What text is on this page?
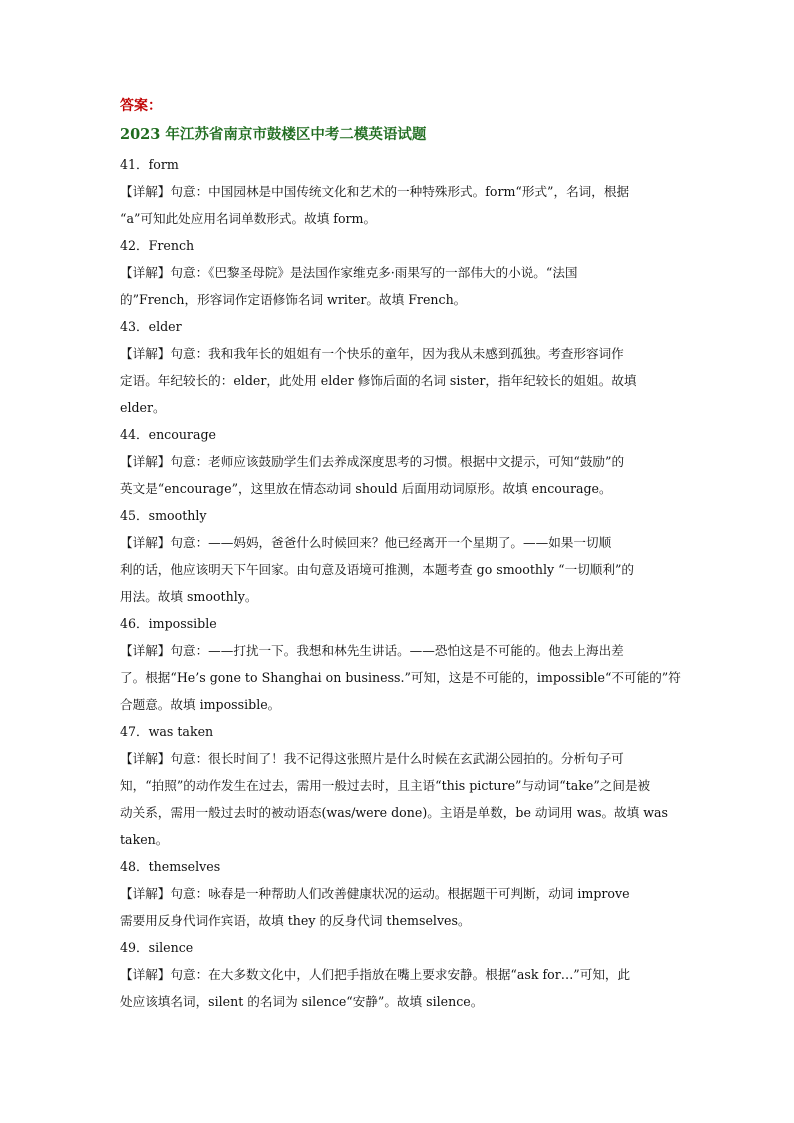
答案：
2023 年江苏省南京市鼓楼区中考二模英语试题
41．form
【详解】句意：中国园林是中国传统文化和艺术的一种特殊形式。form“形式”，名词，根据
“a”可知此处应用名词单数形式。故填 form。
42．French
【详解】句意：《巴黎圣母院》是法国作家维克多·雨果写的一部伟大的小说。“法国
的”French，形容词作定语修饰名词 writer。故填 French。
43．elder
【详解】句意：我和我年长的姐姐有一个快乐的童年，因为我从未感到孤独。考查形容词作
定语。年纪较长的：elder，此处用 elder 修饰后面的名词 sister，指年纪较长的姐姐。故填
elder。
44．encourage
【详解】句意：老师应该鼓励学生们去养成深度思考的习惯。根据中文提示，可知“鼓励”的
英文是“encourage”，这里放在情态动词 should 后面用动词原形。故填 encourage。
45．smoothly
【详解】句意：——妈妈，爸爸什么时候回来？他已经离开一个星期了。——如果一切顺
利的话，他应该明天下午回家。由句意及语境可推测，本题考查 go smoothly “一切顺利”的
用法。故填 smoothly。
46．impossible
【详解】句意：——打扰一下。我想和林先生讲话。——恐怕这是不可能的。他去上海出差
了。根据“He’s gone to Shanghai on business.”可知，这是不可能的，impossible“不可能的”符
合题意。故填 impossible。
47．was taken
【详解】句意：很长时间了！我不记得这张照片是什么时候在玄武湖公园拍的。分析句子可
知，“拍照”的动作发生在过去，需用一般过去时，且主语“this picture”与动词“take”之间是被
动关系，需用一般过去时的被动语态(was/were done)。主语是单数，be 动词用 was。故填 was
taken。
48．themselves
【详解】句意：咏春是一种帮助人们改善健康状况的运动。根据题干可判断，动词 improve
需要用反身代词作宾语，故填 they 的反身代词 themselves。
49．silence
【详解】句意：在大多数文化中，人们把手指放在嘴上要求安静。根据“ask for…”可知，此
处应该填名词，silent 的名词为 silence“安静”。故填 silence。
